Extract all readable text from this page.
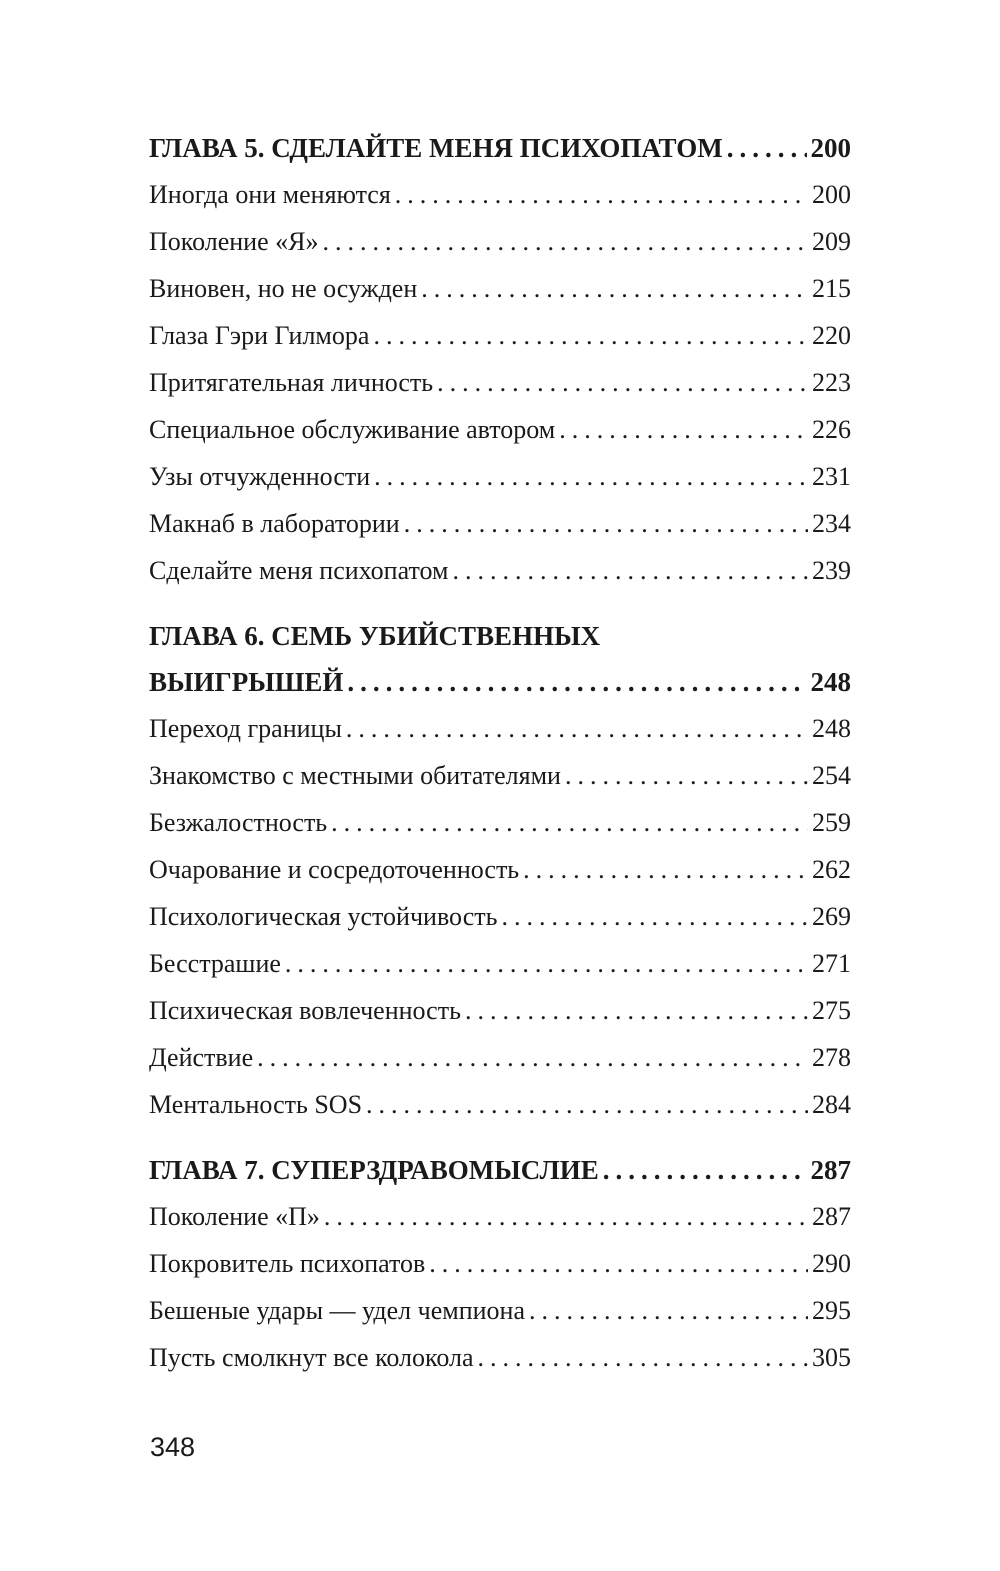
ГЛАВА 5. СДЕЛАЙТЕ МЕНЯ ПСИХОПАТОМ .....	200
Иногда они меняются .....	200
Поколение «Я» .....	209
Виновен, но не осужден .....	215
Глаза Гэри Гилмора .....	220
Притягательная личность .....	223
Специальное обслуживание автором .....	226
Узы отчужденности .....	231
Макнаб в лаборатории .....	234
Сделайте меня психопатом .....	239
ГЛАВА 6. СЕМЬ УБИЙСТВЕННЫХ
ВЫИГРЫШЕЙ .....	248
Переход границы .....	248
Знакомство с местными обитателями .....	254
Безжалостность .....	259
Очарование и сосредоточенность .....	262
Психологическая устойчивость .....	269
Бесстрашие .....	271
Психическая вовлеченность .....	275
Действие .....	278
Ментальность SOS .....	284
ГЛАВА 7. СУПЕРЗДРАВОМЫСЛИЕ .....	287
Поколение «П» .....	287
Покровитель психопатов .....	290
Бешеные удары — удел чемпиона .....	295
Пусть смолкнут все колокола .....	305
348
